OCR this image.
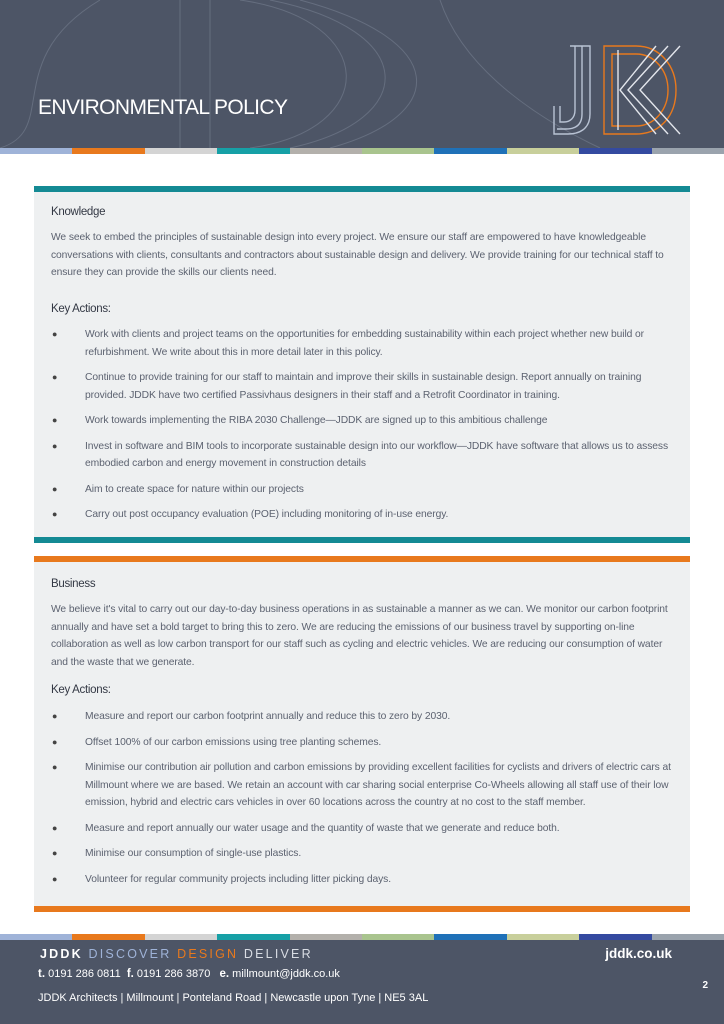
ENVIRONMENTAL POLICY
Knowledge
We seek to embed the principles of sustainable design into every project. We ensure our staff are empowered to have knowledgeable conversations with clients, consultants and contractors about sustainable design and delivery. We provide training for our technical staff to ensure they can provide the skills our clients need.
Key Actions:
●	Work with clients and project teams on the opportunities for embedding sustainability within each project whether new build or refurbishment. We write about this in more detail later in this policy.
●	Continue to provide training for our staff to maintain and improve their skills in sustainable design. Report annually on training provided. JDDK have two certified Passivhaus designers in their staff and a Retrofit Coordinator in training.
●	Work towards implementing the RIBA 2030 Challenge—JDDK are signed up to this ambitious challenge
●	Invest in software and BIM tools to incorporate sustainable design into our workflow—JDDK have software that allows us to assess embodied carbon and energy movement in construction details
●	Aim to create space for nature within our projects
●	Carry out post occupancy evaluation (POE) including monitoring of in-use energy.
Business
We believe it's vital to carry out our day-to-day business operations in as sustainable a manner as we can. We monitor our carbon footprint annually and have set a bold target to bring this to zero. We are reducing the emissions of our business travel by supporting on-line collaboration as well as low carbon transport for our staff such as cycling and electric vehicles. We are reducing our consumption of water and the waste that we generate.
Key Actions:
●	Measure and report our carbon footprint annually and reduce this to zero by 2030.
●	Offset 100% of our carbon emissions using tree planting schemes.
●	Minimise our contribution air pollution and carbon emissions by providing excellent facilities for cyclists and drivers of electric cars at Millmount where we are based. We retain an account with car sharing social enterprise Co-Wheels allowing all staff use of their low emission, hybrid and electric cars vehicles in over 60 locations across the country at no cost to the staff member.
●	Measure and report annually our water usage and the quantity of waste that we generate and reduce both.
●	Minimise our consumption of single-use plastics.
●	Volunteer for regular community projects including litter picking days.
JDDK DISCOVER DESIGN DELIVER	jddk.co.uk
t. 0191 286 0811 f. 0191 286 3870 e. millmount@jddk.co.uk
JDDK Architects | Millmount | Ponteland Road | Newcastle upon Tyne | NE5 3AL
2
